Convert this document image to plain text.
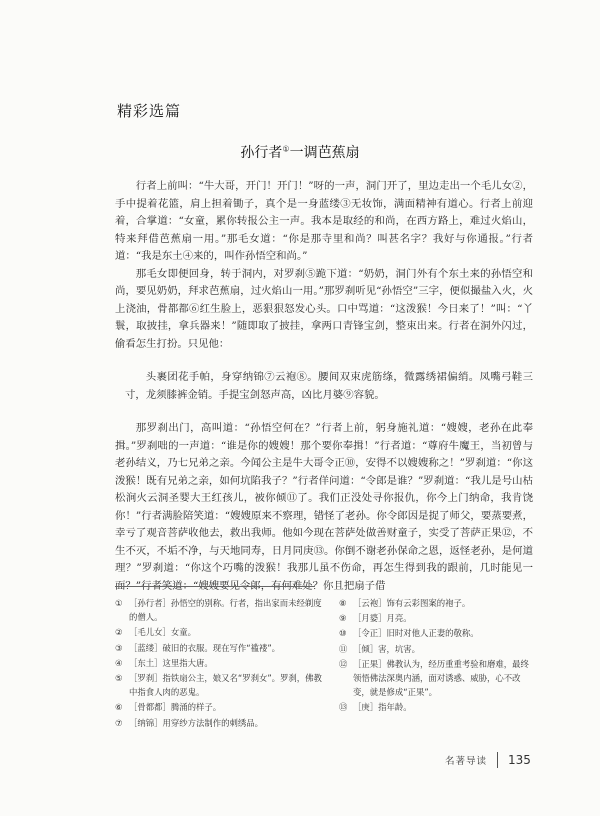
精彩选篇
孙行者①一调芭蕉扇

行者上前叫：“牛大哥，开门！开门！”呀的一声，洞门开了，里边走出一个毛儿女②，手中提着花篮，肩上担着锄子，真个是一身蓝缕③无妆饰，满面精神有道心。行者上前迎着，合掌道：“女童，累你转报公主一声。我本是取经的和尚，在西方路上，难过火焰山，特来拜借芭蕉扇一用。”那毛女道：“你是那寺里和尚？叫甚名字？我好与你通报。”行者道：“我是东土④来的，叫作孙悟空和尚。”

那毛女即便回身，转于洞内，对罗刹⑤跪下道：“奶奶，洞门外有个东土来的孙悟空和尚，要见奶奶，拜求芭蕉扇，过火焰山一用。”那罗刹听见“孙悟空”三字，便似撮盐入火，火上浇油，骨都都⑥红生脸上，恶狠狠怒发心头。口中骂道：“这泼猴！今日来了！”叫：“丫鬟，取披挂，拿兵器来！”随即取了披挂，拿两口青锋宝剑，整束出来。行者在洞外闪过，偷看怎生打扮。只见他：

头裹团花手帕，身穿纳锦⑦云袍⑧。腰间双束虎筋绦，微露绣裙偏绡。凤嘴弓鞋三寸，龙须膝裤金销。手提宝剑怒声高，凶比月婆⑨容貌。

那罗刹出门，高叫道：“孙悟空何在？”行者上前，躬身施礼道：“嫂嫂，老孙在此奉揖。”罗刹咄的一声道：“谁是你的嫂嫂！那个要你奉揖！”行者道：“尊府牛魔王，当初曾与老孙结义，乃七兄弟之亲。今闻公主是牛大哥令正⑩，安得不以嫂嫂称之！”罗刹道：“你这泼猴！既有兄弟之亲，如何坑陷我子？”行者佯问道：“令郎是谁？”罗刹道：“我儿是号山枯松涧火云洞圣婴大王红孩儿，被你倾⑪了。我们正没处寻你报仇，你今上门纳命，我肯饶你！”行者满脸陪笑道：“嫂嫂原来不察理，错怪了老孙。你令郎因是捉了师父，要蒸要煮，幸亏了观音菩萨收他去，救出我师。他如今现在菩萨处做善财童子，实受了菩萨正果⑫，不生不灭，不垢不净，与天地同寿，日月同庚⑬。你倒不谢老孙保命之恩，返怪老孙，是何道理？”罗刹道：“你这个巧嘴的泼猴！我那儿虽不伤命，再怎生得到我的跟前，几时能见一面？”行者笑道：“嫂嫂要见令郎，有何难处？你且把扇子借

① ［孙行者］孙悟空的别称。行者，指出家而未经剃度的僧人。

② ［毛儿女］女童。

③ ［蓝缕］破旧的衣服。现在写作“褴褛”。

④ ［东土］这里指大唐。

⑤ ［罗刹］指铁扇公主，娘又名“罗刹女”。罗刹，佛教中指食人肉的恶鬼。

⑥ ［骨都都］腾涌的样子。

⑦ ［纳锦］用穿纱方法制作的刺绣品。

⑧ ［云袍］饰有云彩图案的袍子。

⑨ ［月婆］月亮。

⑩ ［令正］旧时对他人正妻的敬称。

⑪ ［倾］害，坑害。

⑫ ［正果］佛教认为，经历重重考验和磨难，最终领悟佛法深奥内涵，面对诱惑、威胁，心不改变，就是修成“正果”。

⑬ ［庚］指年龄。

名著导读 135
